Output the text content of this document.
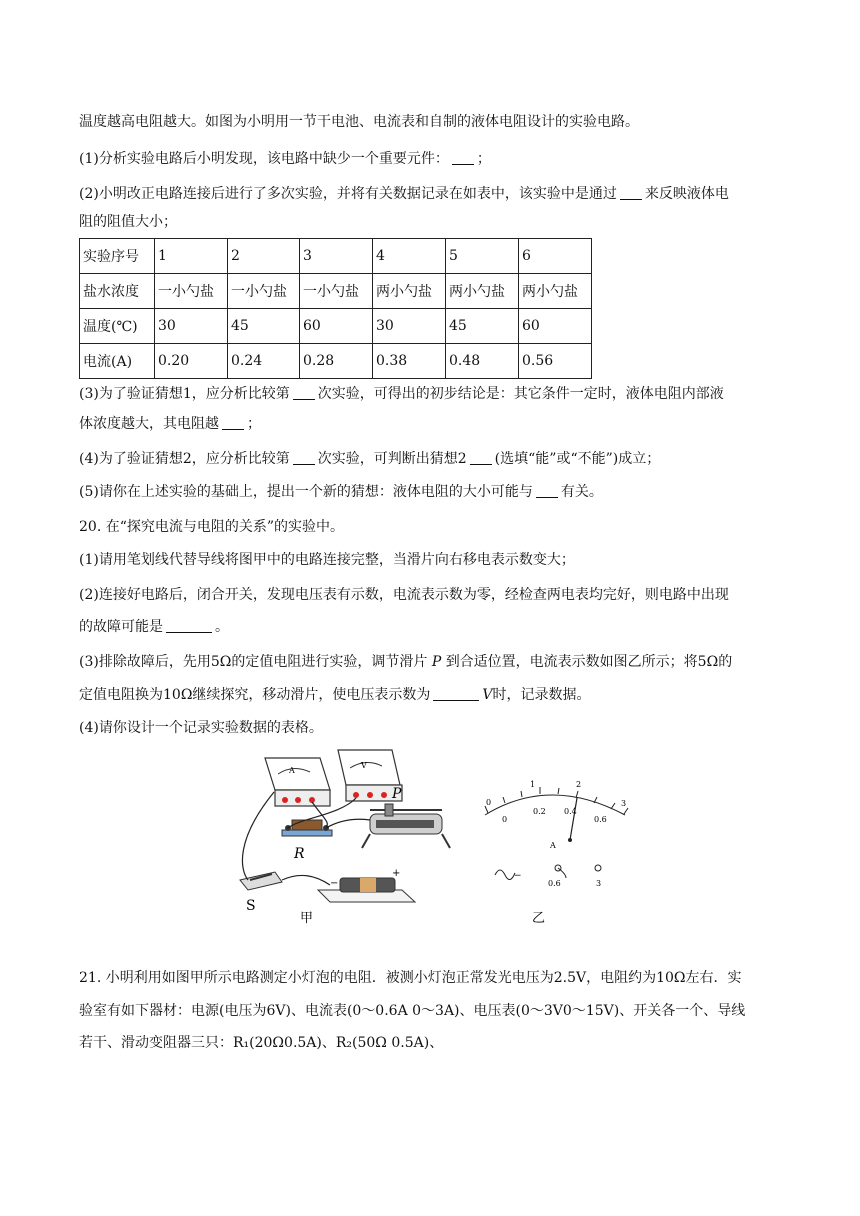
温度越高电阻越大。如图为小明用一节干电池、电流表和自制的液体电阻设计的实验电路。
(1)分析实验电路后小明发现，该电路中缺少一个重要元件： ；
(2)小明改正电路连接后进行了多次实验，并将有关数据记录在如表中，该实验中是通过 来反映液体电
阻的阻值大小；
实验序号	1	2	3	4	5	6
盐水浓度	一小勺盐	一小勺盐	一小勺盐	两小勺盐	两小勺盐	两小勺盐
温度(℃)	30	45	60	30	45	60
电流(A)	0.20	0.24	0.28	0.38	0.48	0.56
(3)为了验证猜想1，应分析比较第 次实验，可得出的初步结论是：其它条件一定时，液体电阻内部液
体浓度越大，其电阻越 ；
(4)为了验证猜想2，应分析比较第 次实验，可判断出猜想2 (选填“能”或“不能”)成立；
(5)请你在上述实验的基础上，提出一个新的猜想：液体电阻的大小可能与 有关。
20. 在“探究电流与电阻的关系”的实验中。
(1)请用笔划线代替导线将图甲中的电路连接完整，当滑片向右移电表示数变大；
(2)连接好电路后，闭合开关，发现电压表有示数，电流表示数为零，经检查两电表均完好，则电路中出现
的故障可能是	。
(3)排除故障后，先用5Ω的定值电阻进行实验，调节滑片 P 到合适位置，电流表示数如图乙所示；将5Ω的
定值电阻换为10Ω继续探究，移动滑片，使电压表示数为	V时，记录数据。
(4)请你设计一个记录实验数据的表格。
A
V
R
P
S
−
+
甲
0
1	2
3
0
0.2 0.4
0.6
A
−
0.6	3
乙
21. 小明利用如图甲所示电路测定小灯泡的电阻．被测小灯泡正常发光电压为2.5V，电阻约为10Ω左右．实
验室有如下器材：电源(电压为6V)、电流表(0～0.6A 0～3A)、电压表(0～3V0～15V)、开关各一个、导线
若干、滑动变阻器三只：R₁(20Ω0.5A)、R₂(50Ω 0.5A)、
